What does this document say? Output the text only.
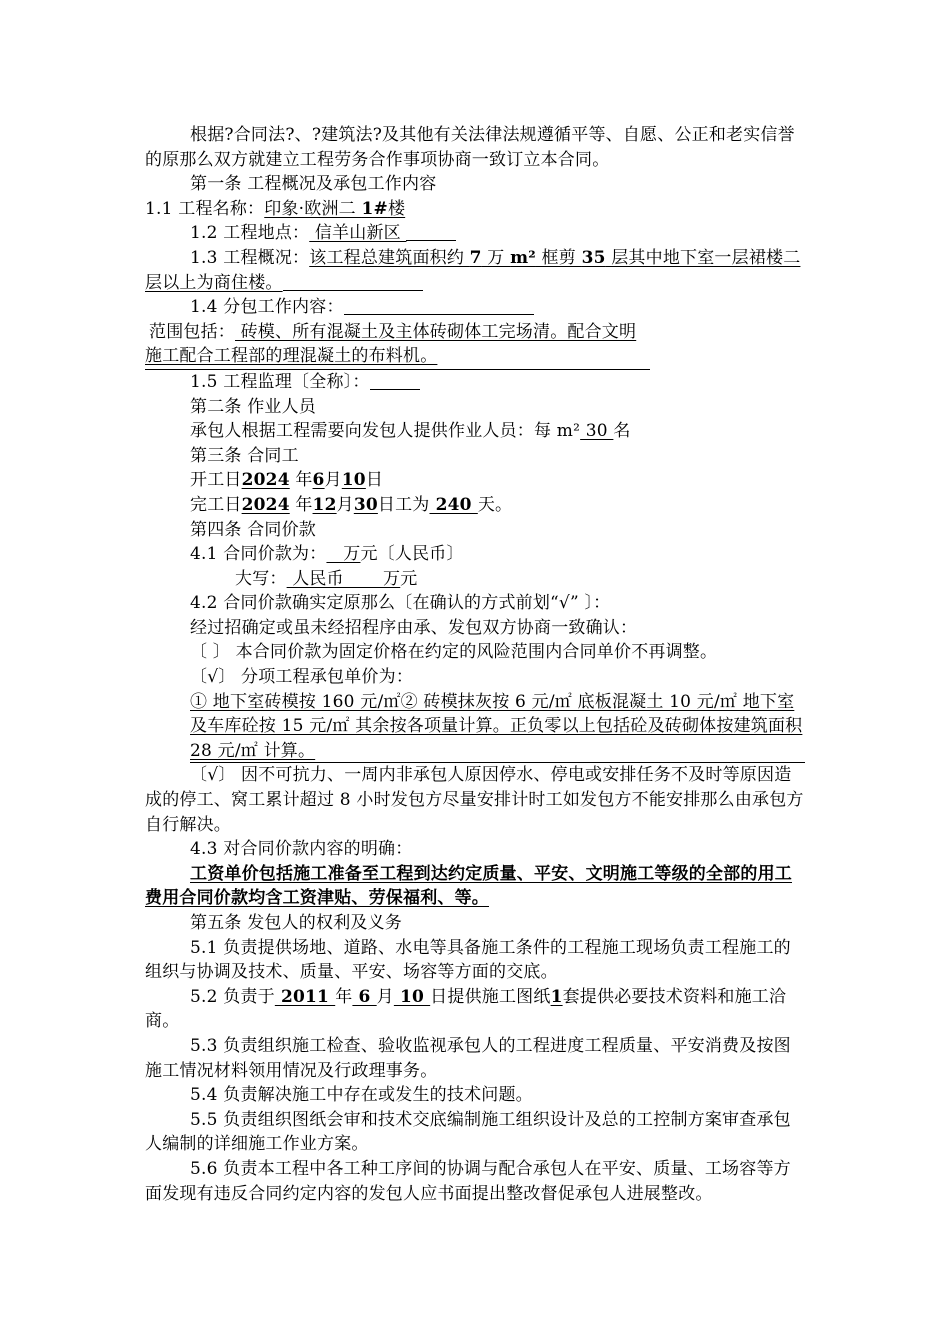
根据?合同法?、?建筑法?及其他有关法律法规遵循平等、自愿、公正和老实信誉的原那么双方就建立工程劳务合作事项协商一致订立本合同。

第一条 工程概况及承包工作内容

1.1 工程名称：印象·欧洲二 1#楼

1.2 工程地点： 信羊山新区

1.3 工程概况：该工程总建筑面积约 7 万 m² 框剪 35 层其中地下室一层裙楼二层以上为商住楼。

1.4 分包工作内容：

范围包括： 砖模、所有混凝土及主体砖砌体工完场清。配合文明施工配合工程部的理混凝土的布料机。

1.5 工程监理〔全称〕：

第二条 作业人员

承包人根据工程需要向发包人提供作业人员：每 m² 30 名

第三条 合同工

开工日2024 年6月10日

完工日2024 年12月30日工为 240 天。

第四条 合同价款

4.1 合同价款为：   万元〔人民币〕

大写： 人民币       万元

4.2 合同价款确实定原那么〔在确认的方式前划“√” 〕：

经过招确定或虽未经招程序由承、发包双方协商一致确认：

〔 〕 本合同价款为固定价格在约定的风险范围内合同单价不再调整。

〔√〕 分项工程承包单价为：

① 地下室砖模按 160 元/㎡② 砖模抹灰按 6 元/㎡ 底板混凝土 10 元/㎡ 地下室及车库砼按 15 元/㎡ 其余按各项量计算。正负零以上包括砼及砖砌体按建筑面积 28 元/㎡ 计算。

〔√〕 因不可抗力、一周内非承包人原因停水、停电或安排任务不及时等原因造成的停工、窝工累计超过 8 小时发包方尽量安排计时工如发包方不能安排那么由承包方自行解决。

4.3 对合同价款内容的明确：

工资单价包括施工准备至工程到达约定质量、平安、文明施工等级的全部的用工费用合同价款均含工资津贴、劳保福利、等。

第五条 发包人的权利及义务

5.1 负责提供场地、道路、水电等具备施工条件的工程施工现场负责工程施工的组织与协调及技术、质量、平安、场容等方面的交底。

5.2 负责于 2011 年 6 月 10 日提供施工图纸1套提供必要技术资料和施工洽商。

5.3 负责组织施工检查、验收监视承包人的工程进度工程质量、平安消费及按图施工情况材料领用情况及行政理事务。

5.4 负责解决施工中存在或发生的技术问题。

5.5 负责组织图纸会审和技术交底编制施工组织设计及总的工控制方案审查承包人编制的详细施工作业方案。

5.6 负责本工程中各工种工序间的协调与配合承包人在平安、质量、工场容等方面发现有违反合同约定内容的发包人应书面提出整改督促承包人进展整改。
